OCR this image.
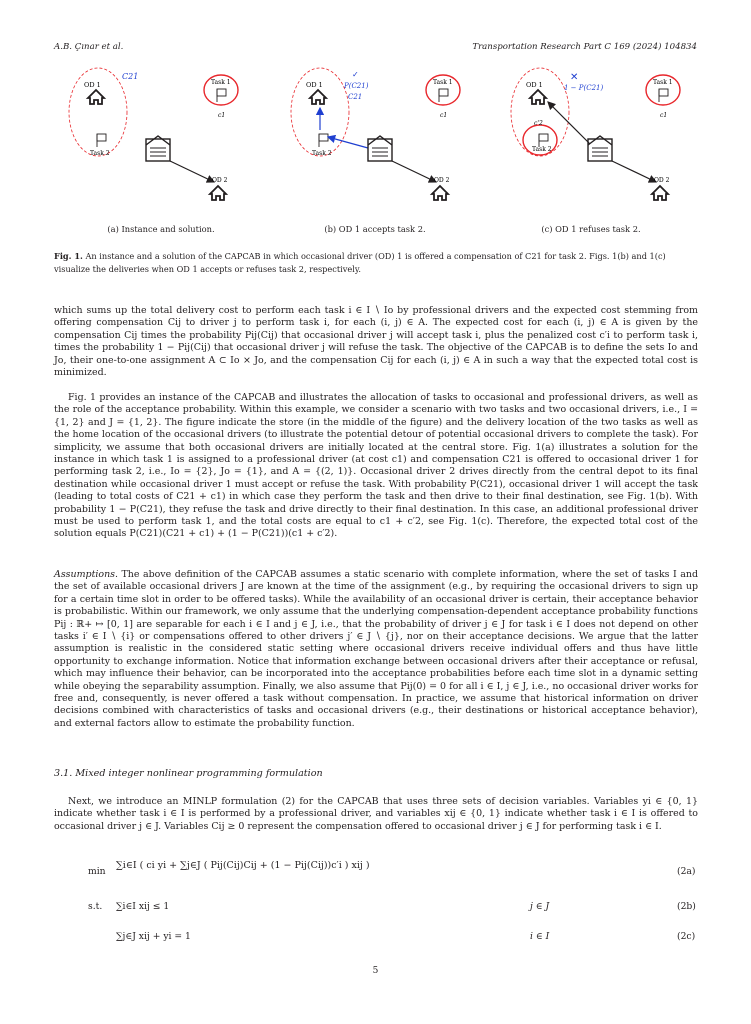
A.B. Çınar et al.	Transportation Research Part C 169 (2024) 104834
C21
OD 1
Task 2
Task 1
c1
OD 2
✓
P(C21)
C21
OD 1
Task 2
Task 1
c1
OD 2
✕
1 − P(C21)
OD 1
c'2
Task 2
Task 1
c1
OD 2
(a) Instance and solution.	(b) OD 1 accepts task 2.	(c) OD 1 refuses task 2.
Fig. 1. An instance and a solution of the CAPCAB in which occasional driver (OD) 1 is offered a compensation of C21 for task 2. Figs. 1(b) and 1(c) visualize the deliveries when OD 1 accepts or refuses task 2, respectively.
which sums up the total delivery cost to perform each task i ∈ I ∖ Io by professional drivers and the expected cost stemming from offering compensation Cij to driver j to perform task i, for each (i, j) ∈ A. The expected cost for each (i, j) ∈ A is given by the compensation Cij times the probability Pij(Cij) that occasional driver j will accept task i, plus the penalized cost c′i to perform task i, times the probability 1 − Pij(Cij) that occasional driver j will refuse the task. The objective of the CAPCAB is to define the sets Io and Jo, their one-to-one assignment A ⊂ Io × Jo, and the compensation Cij for each (i, j) ∈ A in such a way that the expected total cost is minimized.
Fig. 1 provides an instance of the CAPCAB and illustrates the allocation of tasks to occasional and professional drivers, as well as the role of the acceptance probability. Within this example, we consider a scenario with two tasks and two occasional drivers, i.e., I = {1, 2} and J = {1, 2}. The figure indicate the store (in the middle of the figure) and the delivery location of the two tasks as well as the home location of the occasional drivers (to illustrate the potential detour of potential occasional drivers to complete the task). For simplicity, we assume that both occasional drivers are initially located at the central store. Fig. 1(a) illustrates a solution for the instance in which task 1 is assigned to a professional driver (at cost c1) and compensation C21 is offered to occasional driver 1 for performing task 2, i.e., Io = {2}, Jo = {1}, and A = {(2, 1)}. Occasional driver 2 drives directly from the central depot to its final destination while occasional driver 1 must accept or refuse the task. With probability P(C21), occasional driver 1 will accept the task (leading to total costs of C21 + c1) in which case they perform the task and then drive to their final destination, see Fig. 1(b). With probability 1 − P(C21), they refuse the task and drive directly to their final destination. In this case, an additional professional driver must be used to perform task 1, and the total costs are equal to c1 + c′2, see Fig. 1(c). Therefore, the expected total cost of the solution equals P(C21)(C21 + c1) + (1 − P(C21))(c1 + c′2).
Assumptions. The above definition of the CAPCAB assumes a static scenario with complete information, where the set of tasks I and the set of available occasional drivers J are known at the time of the assignment (e.g., by requiring the occasional drivers to sign up for a certain time slot in order to be offered tasks). While the availability of an occasional driver is certain, their acceptance behavior is probabilistic. Within our framework, we only assume that the underlying compensation-dependent acceptance probability functions Pij : ℝ+ ↦ [0, 1] are separable for each i ∈ I and j ∈ J, i.e., that the probability of driver j ∈ J for task i ∈ I does not depend on other tasks i′ ∈ I ∖ {i} or compensations offered to other drivers j′ ∈ J ∖ {j}, nor on their acceptance decisions. We argue that the latter assumption is realistic in the considered static setting where occasional drivers receive individual offers and thus have little opportunity to exchange information. Notice that information exchange between occasional drivers after their acceptance or refusal, which may influence their behavior, can be incorporated into the acceptance probabilities before each time slot in a dynamic setting while obeying the separability assumption. Finally, we also assume that Pij(0) = 0 for all i ∈ I, j ∈ J, i.e., no occasional driver works for free and, consequently, is never offered a task without compensation. In practice, we assume that historical information on driver decisions combined with characteristics of tasks and occasional drivers (e.g., their destinations or historical acceptance behavior), and external factors allow to estimate the probability function.
3.1. Mixed integer nonlinear programming formulation
Next, we introduce an MINLP formulation (2) for the CAPCAB that uses three sets of decision variables. Variables yi ∈ {0, 1} indicate whether task i ∈ I is performed by a professional driver, and variables xij ∈ {0, 1} indicate whether task i ∈ I is offered to occasional driver j ∈ J. Variables Cij ≥ 0 represent the compensation offered to occasional driver j ∈ J for performing task i ∈ I.
min
∑i∈I ( ci yi + ∑j∈J ( Pij(Cij)Cij + (1 − Pij(Cij))c′i ) xij )
(2a)
s.t. ∑i∈I xij ≤ 1	j ∈ J	(2b)
∑j∈J xij + yi = 1	i ∈ I	(2c)
5
